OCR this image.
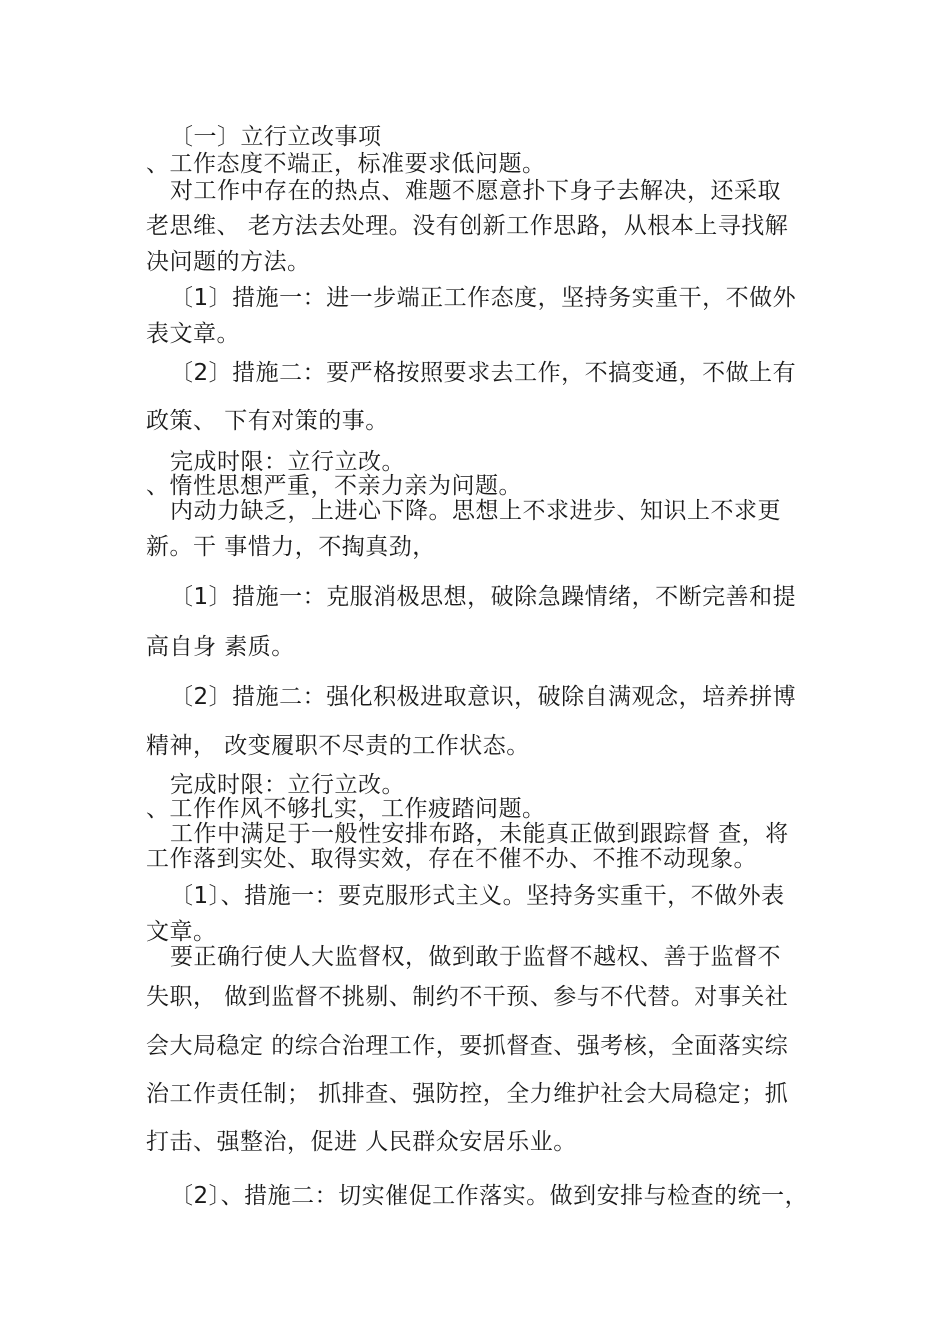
〔一〕立行立改事项
、工作态度不端正，标准要求低问题。
对工作中存在的热点、难题不愿意扑下身子去解决，还采取
老思维、 老方法去处理。没有创新工作思路，从根本上寻找解
决问题的方法。
〔1〕措施一：进一步端正工作态度，坚持务实重干，不做外
表文章。
〔2〕措施二：要严格按照要求去工作，不搞变通，不做上有
政策、 下有对策的事。
完成时限：立行立改。
、惰性思想严重，不亲力亲为问题。
内动力缺乏，上进心下降。思想上不求进步、知识上不求更
新。干 事惜力，不掏真劲，
〔1〕措施一：克服消极思想，破除急躁情绪，不断完善和提
高自身 素质。
〔2〕措施二：强化积极进取意识，破除自满观念，培养拼博
精神， 改变履职不尽责的工作状态。
完成时限：立行立改。
、工作作风不够扎实，工作疲踏问题。
工作中满足于一般性安排布路，未能真正做到跟踪督 查，将
工作落到实处、取得实效，存在不催不办、不推不动现象。
〔1〕、措施一：要克服形式主义。坚持务实重干，不做外表
文章。
要正确行使人大监督权，做到敢于监督不越权、善于监督不
失职， 做到监督不挑剔、制约不干预、参与不代替。对事关社
会大局稳定 的综合治理工作，要抓督查、强考核，全面落实综
治工作责任制； 抓排查、强防控，全力维护社会大局稳定；抓
打击、强整治，促进 人民群众安居乐业。
〔2〕、措施二：切实催促工作落实。做到安排与检查的统一，
